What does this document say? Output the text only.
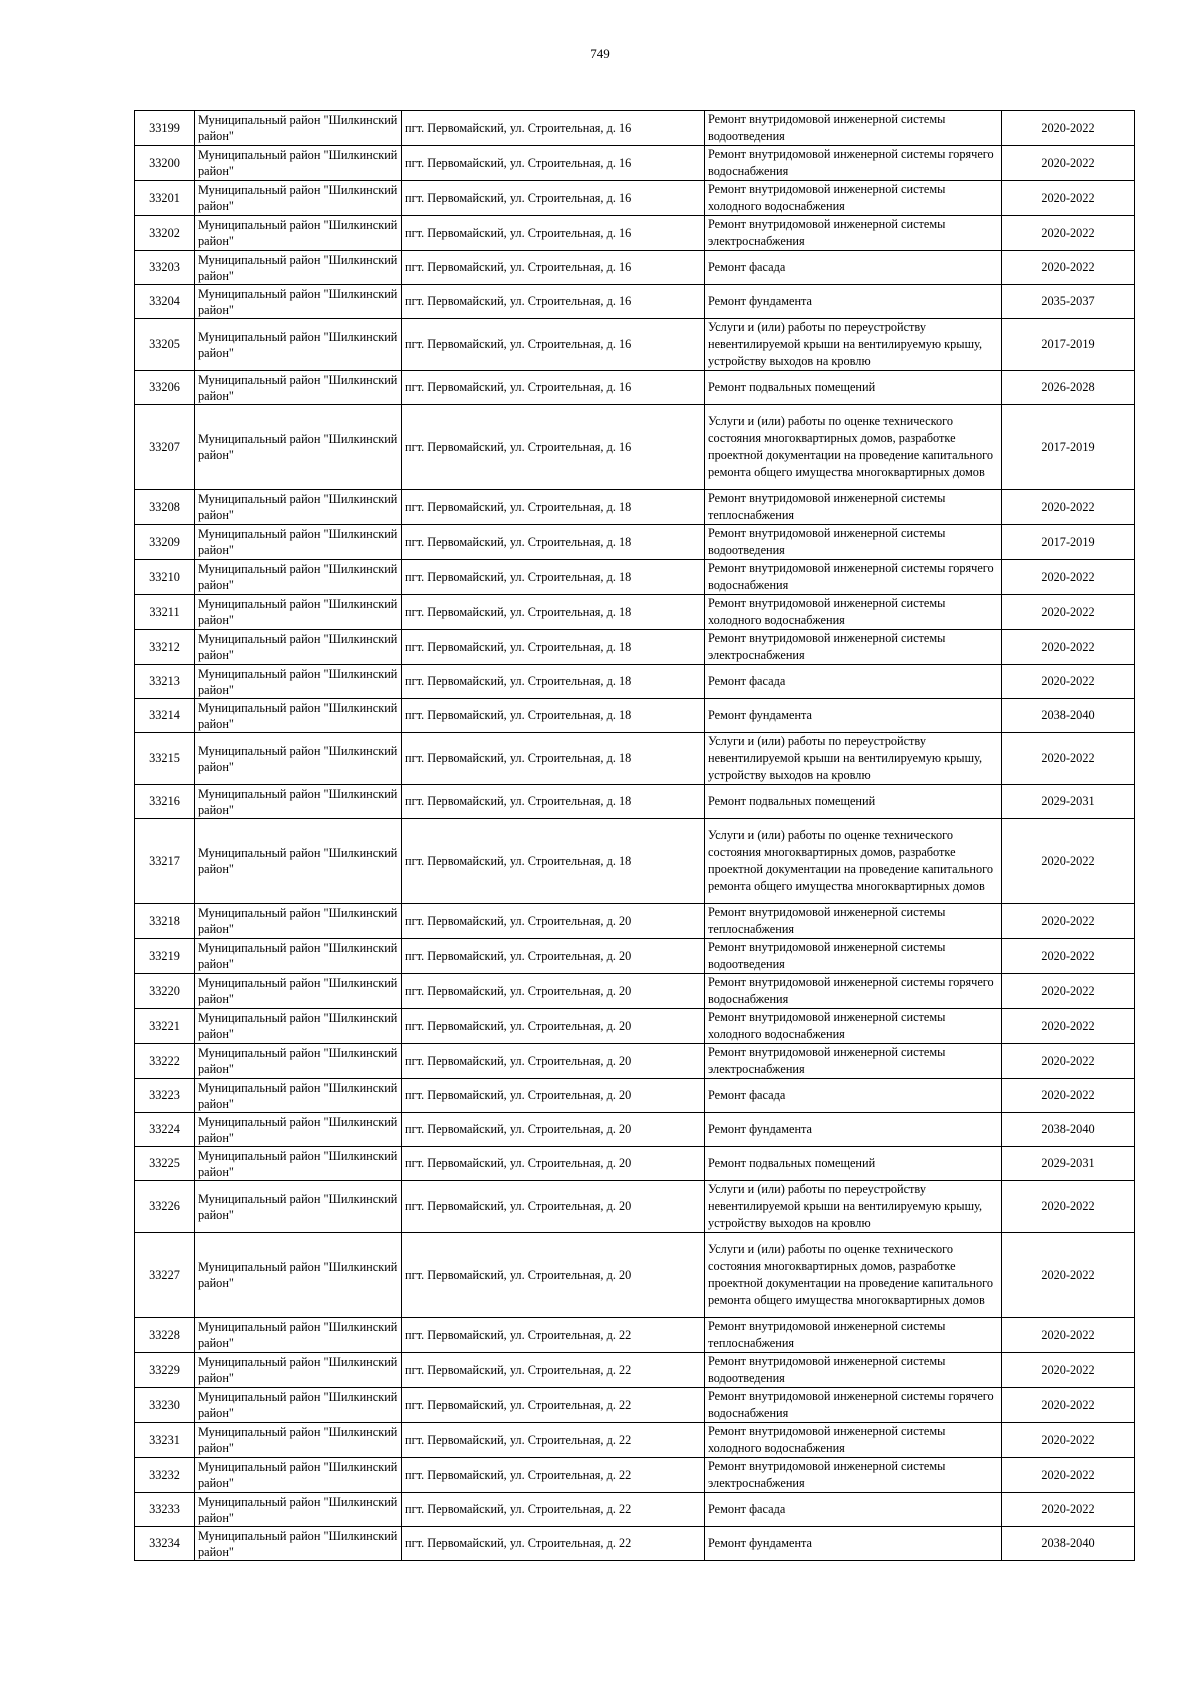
749
33199	Муниципальный район "Шилкинский район"	пгт. Первомайский, ул. Строительная, д. 16	Ремонт внутридомовой инженерной системы водоотведения	2020-2022
33200	Муниципальный район "Шилкинский район"	пгт. Первомайский, ул. Строительная, д. 16	Ремонт внутридомовой инженерной системы горячего водоснабжения	2020-2022
33201	Муниципальный район "Шилкинский район"	пгт. Первомайский, ул. Строительная, д. 16	Ремонт внутридомовой инженерной системы холодного водоснабжения	2020-2022
33202	Муниципальный район "Шилкинский район"	пгт. Первомайский, ул. Строительная, д. 16	Ремонт внутридомовой инженерной системы электроснабжения	2020-2022
33203	Муниципальный район "Шилкинский район"	пгт. Первомайский, ул. Строительная, д. 16	Ремонт фасада	2020-2022
33204	Муниципальный район "Шилкинский район"	пгт. Первомайский, ул. Строительная, д. 16	Ремонт фундамента	2035-2037
33205	Муниципальный район "Шилкинский район"	пгт. Первомайский, ул. Строительная, д. 16	Услуги и (или) работы по переустройству невентилируемой крыши на вентилируемую крышу, устройству выходов на кровлю	2017-2019
33206	Муниципальный район "Шилкинский район"	пгт. Первомайский, ул. Строительная, д. 16	Ремонт подвальных помещений	2026-2028
33207	Муниципальный район "Шилкинский район"	пгт. Первомайский, ул. Строительная, д. 16	Услуги и (или) работы по оценке технического состояния многоквартирных домов, разработке проектной документации на проведение капитального ремонта общего имущества многоквартирных домов	2017-2019
33208	Муниципальный район "Шилкинский район"	пгт. Первомайский, ул. Строительная, д. 18	Ремонт внутридомовой инженерной системы теплоснабжения	2020-2022
33209	Муниципальный район "Шилкинский район"	пгт. Первомайский, ул. Строительная, д. 18	Ремонт внутридомовой инженерной системы водоотведения	2017-2019
33210	Муниципальный район "Шилкинский район"	пгт. Первомайский, ул. Строительная, д. 18	Ремонт внутридомовой инженерной системы горячего водоснабжения	2020-2022
33211	Муниципальный район "Шилкинский район"	пгт. Первомайский, ул. Строительная, д. 18	Ремонт внутридомовой инженерной системы холодного водоснабжения	2020-2022
33212	Муниципальный район "Шилкинский район"	пгт. Первомайский, ул. Строительная, д. 18	Ремонт внутридомовой инженерной системы электроснабжения	2020-2022
33213	Муниципальный район "Шилкинский район"	пгт. Первомайский, ул. Строительная, д. 18	Ремонт фасада	2020-2022
33214	Муниципальный район "Шилкинский район"	пгт. Первомайский, ул. Строительная, д. 18	Ремонт фундамента	2038-2040
33215	Муниципальный район "Шилкинский район"	пгт. Первомайский, ул. Строительная, д. 18	Услуги и (или) работы по переустройству невентилируемой крыши на вентилируемую крышу, устройству выходов на кровлю	2020-2022
33216	Муниципальный район "Шилкинский район"	пгт. Первомайский, ул. Строительная, д. 18	Ремонт подвальных помещений	2029-2031
33217	Муниципальный район "Шилкинский район"	пгт. Первомайский, ул. Строительная, д. 18	Услуги и (или) работы по оценке технического состояния многоквартирных домов, разработке проектной документации на проведение капитального ремонта общего имущества многоквартирных домов	2020-2022
33218	Муниципальный район "Шилкинский район"	пгт. Первомайский, ул. Строительная, д. 20	Ремонт внутридомовой инженерной системы теплоснабжения	2020-2022
33219	Муниципальный район "Шилкинский район"	пгт. Первомайский, ул. Строительная, д. 20	Ремонт внутридомовой инженерной системы водоотведения	2020-2022
33220	Муниципальный район "Шилкинский район"	пгт. Первомайский, ул. Строительная, д. 20	Ремонт внутридомовой инженерной системы горячего водоснабжения	2020-2022
33221	Муниципальный район "Шилкинский район"	пгт. Первомайский, ул. Строительная, д. 20	Ремонт внутридомовой инженерной системы холодного водоснабжения	2020-2022
33222	Муниципальный район "Шилкинский район"	пгт. Первомайский, ул. Строительная, д. 20	Ремонт внутридомовой инженерной системы электроснабжения	2020-2022
33223	Муниципальный район "Шилкинский район"	пгт. Первомайский, ул. Строительная, д. 20	Ремонт фасада	2020-2022
33224	Муниципальный район "Шилкинский район"	пгт. Первомайский, ул. Строительная, д. 20	Ремонт фундамента	2038-2040
33225	Муниципальный район "Шилкинский район"	пгт. Первомайский, ул. Строительная, д. 20	Ремонт подвальных помещений	2029-2031
33226	Муниципальный район "Шилкинский район"	пгт. Первомайский, ул. Строительная, д. 20	Услуги и (или) работы по переустройству невентилируемой крыши на вентилируемую крышу, устройству выходов на кровлю	2020-2022
33227	Муниципальный район "Шилкинский район"	пгт. Первомайский, ул. Строительная, д. 20	Услуги и (или) работы по оценке технического состояния многоквартирных домов, разработке проектной документации на проведение капитального ремонта общего имущества многоквартирных домов	2020-2022
33228	Муниципальный район "Шилкинский район"	пгт. Первомайский, ул. Строительная, д. 22	Ремонт внутридомовой инженерной системы теплоснабжения	2020-2022
33229	Муниципальный район "Шилкинский район"	пгт. Первомайский, ул. Строительная, д. 22	Ремонт внутридомовой инженерной системы водоотведения	2020-2022
33230	Муниципальный район "Шилкинский район"	пгт. Первомайский, ул. Строительная, д. 22	Ремонт внутридомовой инженерной системы горячего водоснабжения	2020-2022
33231	Муниципальный район "Шилкинский район"	пгт. Первомайский, ул. Строительная, д. 22	Ремонт внутридомовой инженерной системы холодного водоснабжения	2020-2022
33232	Муниципальный район "Шилкинский район"	пгт. Первомайский, ул. Строительная, д. 22	Ремонт внутридомовой инженерной системы электроснабжения	2020-2022
33233	Муниципальный район "Шилкинский район"	пгт. Первомайский, ул. Строительная, д. 22	Ремонт фасада	2020-2022
33234	Муниципальный район "Шилкинский район"	пгт. Первомайский, ул. Строительная, д. 22	Ремонт фундамента	2038-2040
